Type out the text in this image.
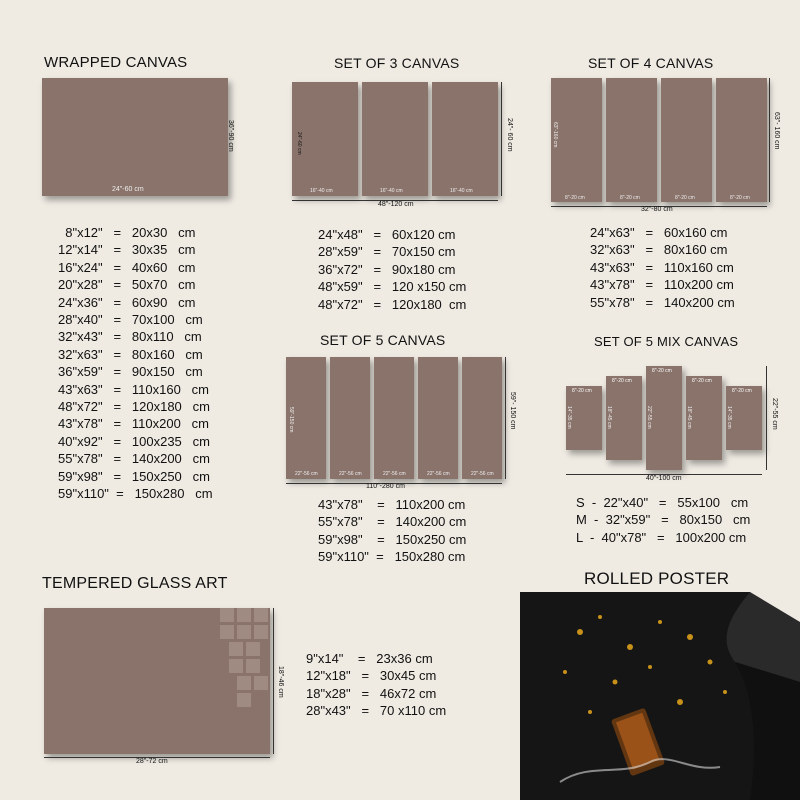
WRAPPED CANVAS
24"-60 cm
36"-90 cm
8"x12"   =   20x30   cm
12"x14"   =   30x35   cm
16"x24"   =   40x60   cm
20"x28"   =   50x70   cm
24"x36"   =   60x90   cm
28"x40"   =   70x100   cm
32"x43"   =   80x110   cm
32"x63"   =   80x160   cm
36"x59"   =   90x150   cm
43"x63"   =   110x160   cm
48"x72"   =   120x180   cm
43"x78"   =   110x200   cm
40"x92"   =   100x235   cm
55"x78"   =   140x200   cm
59"x98"   =   150x250   cm
59"x110"  =   150x280   cm
SET OF 3 CANVAS
16"-40 cm
24"-60 cm
16"-40 cm	16"-40 cm
48"-120 cm
24"- 60 cm
24"x48"   =   60x120 cm
28"x59"   =   70x150 cm
36"x72"   =   90x180 cm
48"x59"   =   120 x150 cm
48"x72"   =   120x180  cm
SET OF 4 CANVAS
8"-20 cm
63"-160 cm
8"-20 cm	8"-20 cm	8"-20 cm
32"-80 cm
63"- 160 cm
24"x63"   =   60x160 cm
32"x63"   =   80x160 cm
43"x63"   =   110x160 cm
43"x78"   =   110x200 cm
55"x78"   =   140x200 cm
SET OF 5 CANVAS
22"-56 cm
59"-150 cm
22"-56 cm	22"-56 cm	22"-56 cm	22"-56 cm
110"-280 cm
59"- 150 cm
43"x78"    =   110x200 cm
55"x78"    =   140x200 cm
59"x98"    =   150x250 cm
59"x110"  =   150x280 cm
SET OF 5 MIX CANVAS
8"-20 cm
14"-35 cm
8"-20 cm
18"-45 cm
8"-20 cm
22"-55 cm
8"-20 cm
18"-45 cm
8"-20 cm
14"-35 cm
40"-100 cm
22"-55 cm
S  -  22"x40"   =   55x100   cm
M  -  32"x59"   =   80x150   cm
L  -  40"x78"   =   100x200 cm
TEMPERED GLASS ART
28"-72 cm
18"-46 cm
9"x14"    =   23x36 cm
12"x18"   =   30x45 cm
18"x28"   =   46x72 cm
28"x43"   =   70 x110 cm
ROLLED POSTER
